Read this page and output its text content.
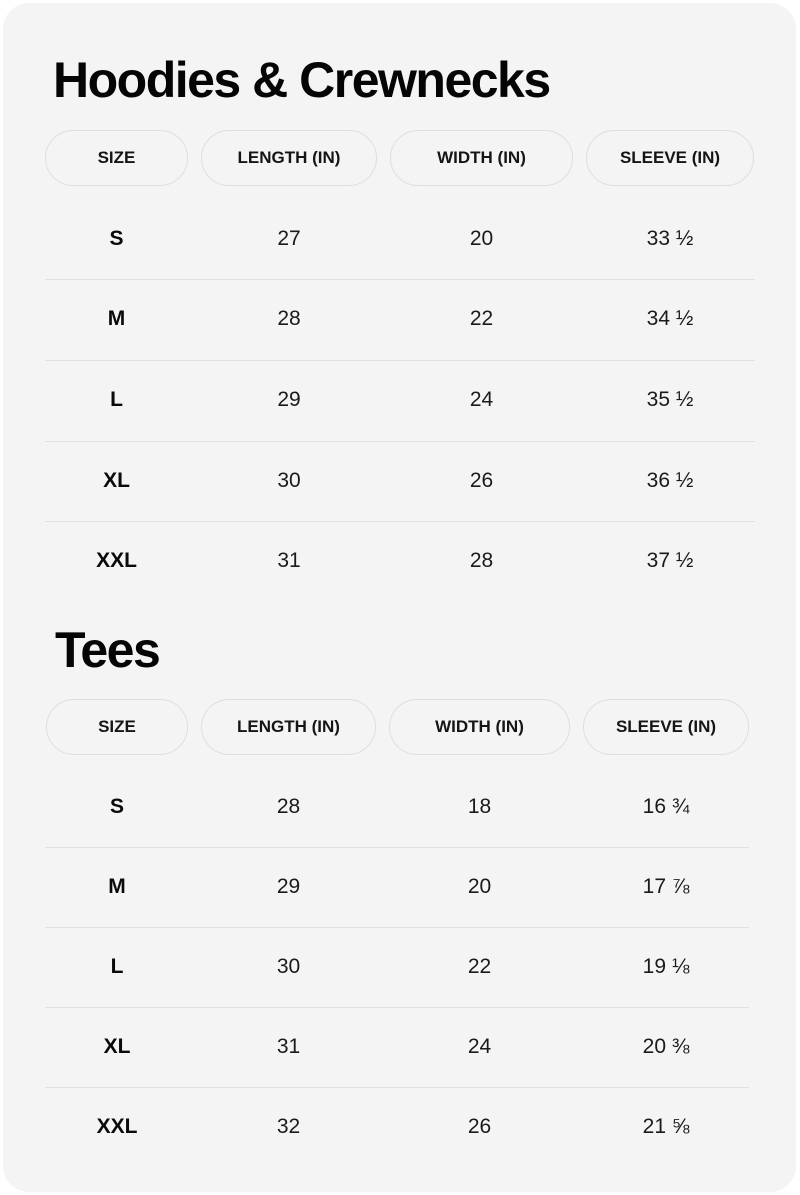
Hoodies & Crewnecks
SIZE	LENGTH (IN)	WIDTH (IN)	SLEEVE (IN)
S	27	20	33 ½
M	28	22	34 ½
L	29	24	35 ½
XL	30	26	36 ½
XXL	31	28	37 ½
Tees
SIZE	LENGTH (IN)	WIDTH (IN)	SLEEVE (IN)
S	28	18	16 ¾
M	29	20	17 ⅞
L	30	22	19 ⅛
XL	31	24	20 ⅜
XXL	32	26	21 ⅝
